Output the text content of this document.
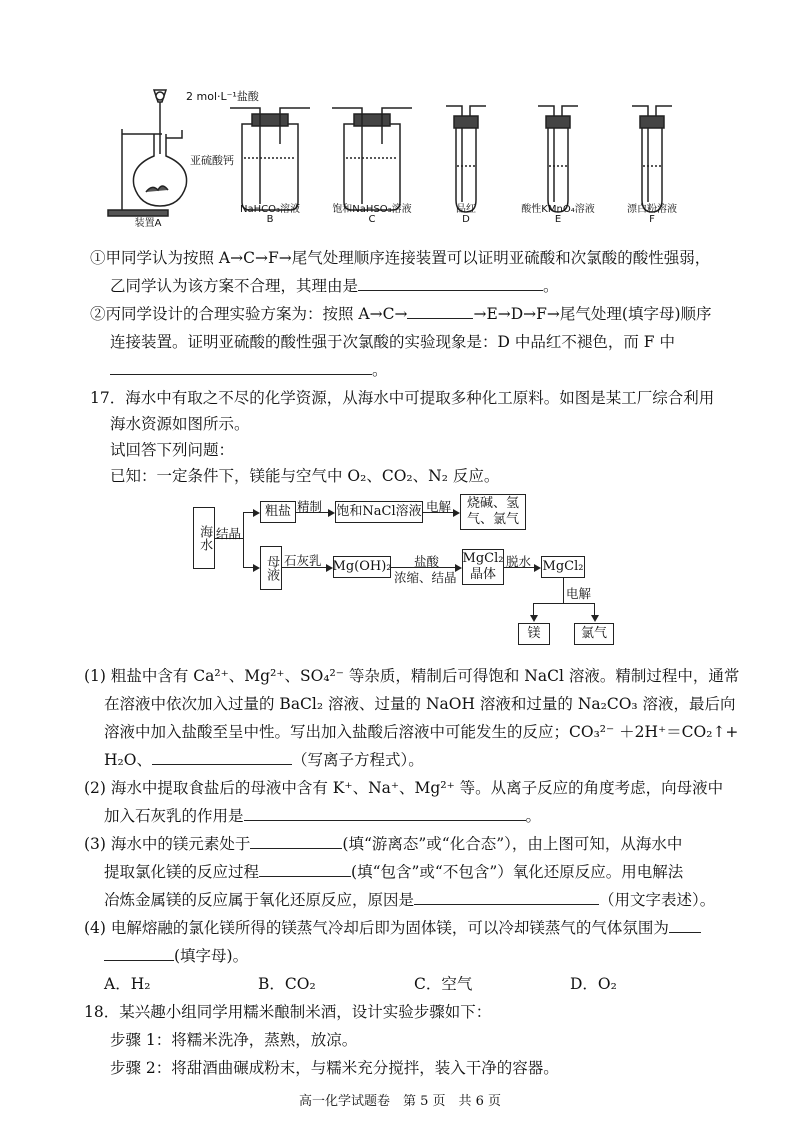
2 mol·L⁻¹盐酸
亚硫酸钙
装置A
NaHCO₃溶液
B
饱和NaHSO₃溶液
C
品红
D
酸性KMnO₄溶液
E
漂白粉溶液
F
①甲同学认为按照 A→C→F→尾气处理顺序连接装置可以证明亚硫酸和次氯酸的酸性强弱，
乙同学认为该方案不合理，其理由是	。
②丙同学设计的合理实验方案为：按照 A→C→	→E→D→F→尾气处理(填字母)顺序
连接装置。证明亚硫酸的酸性强于次氯酸的实验现象是：D 中品红不褪色，而 F 中
。
17．海水中有取之不尽的化学资源，从海水中可提取多种化工原料。如图是某工厂综合利用
海水资源如图所示。
试回答下列问题：
已知：一定条件下，镁能与空气中 O₂、CO₂、N₂ 反应。
海水 结晶
粗盐 精制 饱和NaCl溶液 电解	烧碱、氢气、氯气
母液 石灰乳 Mg(OH)₂ 盐酸
浓缩、结晶
MgCl₂晶体
脱水 MgCl₂
电解
镁	氯气
(1) 粗盐中含有 Ca²⁺、Mg²⁺、SO₄²⁻ 等杂质，精制后可得饱和 NaCl 溶液。精制过程中，通常
在溶液中依次加入过量的 BaCl₂ 溶液、过量的 NaOH 溶液和过量的 Na₂CO₃ 溶液，最后向
溶液中加入盐酸至呈中性。写出加入盐酸后溶液中可能发生的反应；CO₃²⁻ ＋2H⁺＝CO₂↑+
H₂O、	（写离子方程式）。
(2) 海水中提取食盐后的母液中含有 K⁺、Na⁺、Mg²⁺ 等。从离子反应的角度考虑，向母液中
加入石灰乳的作用是	。
(3) 海水中的镁元素处于	(填“游离态”或“化合态”），由上图可知，从海水中
提取氯化镁的反应过程	(填“包含”或“不包含”）氧化还原反应。用电解法
冶炼金属镁的反应属于氧化还原反应，原因是	（用文字表述）。
(4) 电解熔融的氯化镁所得的镁蒸气冷却后即为固体镁，可以冷却镁蒸气的气体氛围为
(填字母)。
A．H₂	B．CO₂	C．空气	D．O₂
18．某兴趣小组同学用糯米酿制米酒，设计实验步骤如下：
步骤 1：将糯米洗净，蒸熟，放凉。
步骤 2：将甜酒曲碾成粉末，与糯米充分搅拌，装入干净的容器。
高一化学试题卷　第 5 页　共 6 页
